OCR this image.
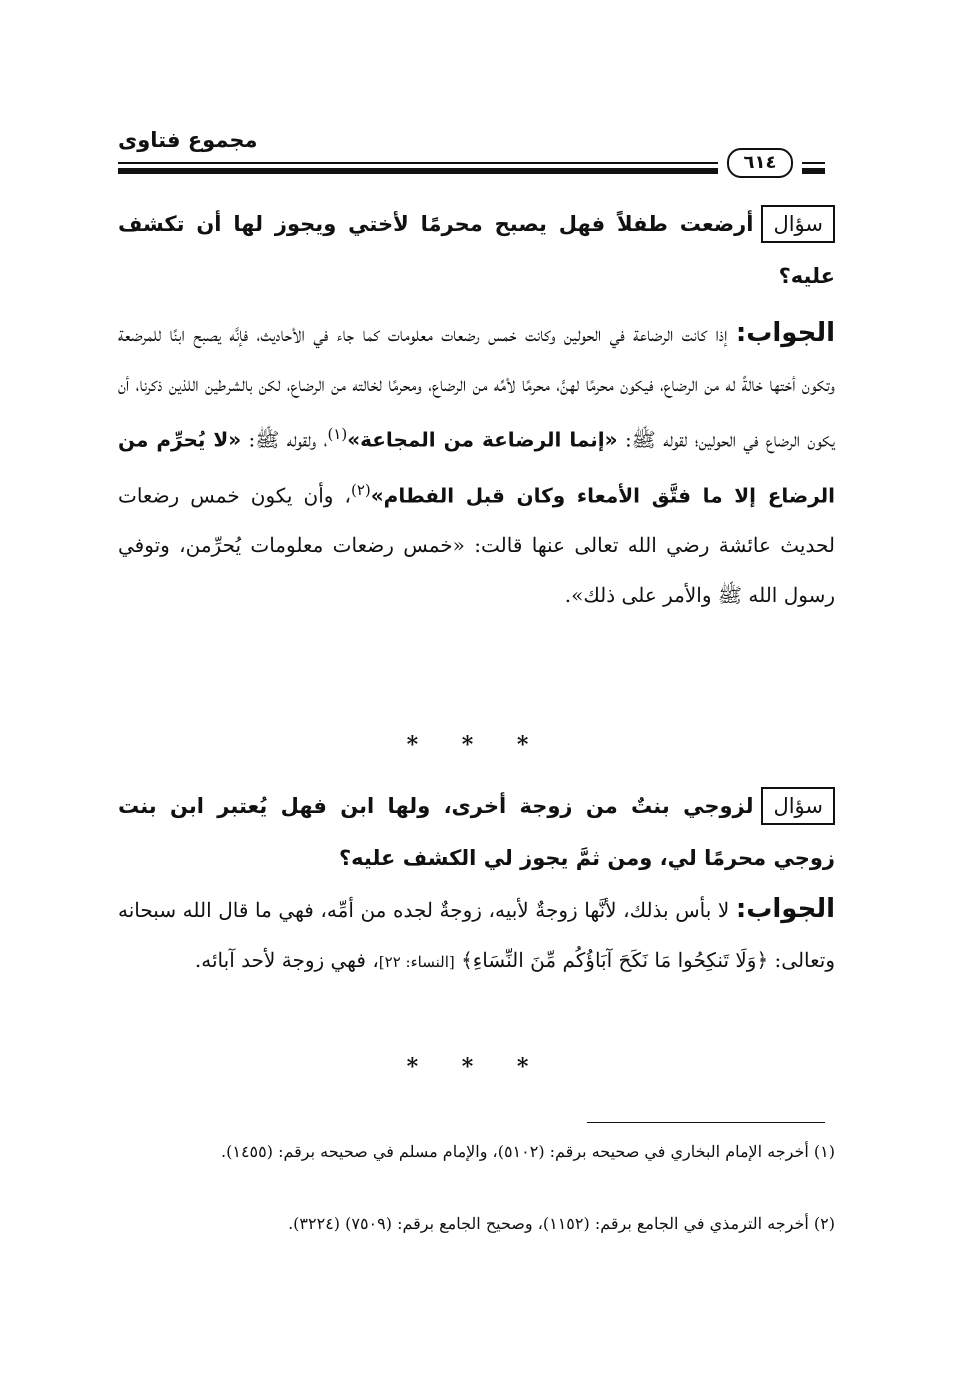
مجموع فتاوى
٦١٤
سؤالأرضعت طفلاً فهل يصبح محرمًا لأختي ويجوز لها أن تكشف عليه؟
الجواب: إذا كانت الرضاعة في الحولين وكانت خمس رضعات معلومات كما جاء في الأحاديث، فإنَّه يصبح ابنًا للمرضعة وتكون أختها خالةً له من الرضاع، فيكون محرمًا لهنَّ، محرمًا لأمِّه من الرضاع، ومحرمًا لخالته من الرضاع، لكن بالشرطين اللذين ذكرنا، أن يكون الرضاع في الحولين؛ لقوله ﷺ: «إنما الرضاعة من المجاعة»$^{(١)}$، ولقوله ﷺ: «لا يُحرِّم من الرضاع إلا ما فتَّق الأمعاء وكان قبل الفطام»$^{(٢)}$، وأن يكون خمس رضعات لحديث عائشة رضي الله تعالى عنها قالت: «خمس رضعات معلومات يُحرِّمن، وتوفي رسول الله ﷺ والأمر على ذلك».
* * *
سؤاللزوجي بنتٌ من زوجة أخرى، ولها ابن فهل يُعتبر ابن بنت زوجي محرمًا لي، ومن ثمَّ يجوز لي الكشف عليه؟
الجواب: لا بأس بذلك، لأنَّها زوجةٌ لأبيه، زوجةٌ لجده من أمِّه، فهي ما قال الله سبحانه وتعالى: ﴿وَلَا تَنكِحُوا مَا نَكَحَ آبَاؤُكُم مِّنَ النِّسَاءِ﴾ [النساء: ٢٢]، فهي زوجة لأحد آبائه.
* * *
(١) أخرجه الإمام البخاري في صحيحه برقم: (٥١٠٢)، والإمام مسلم في صحيحه برقم: (١٤٥٥).
(٢) أخرجه الترمذي في الجامع برقم: (١١٥٢)، وصحيح الجامع برقم: (٧٥٠٩) (٣٢٢٤).
